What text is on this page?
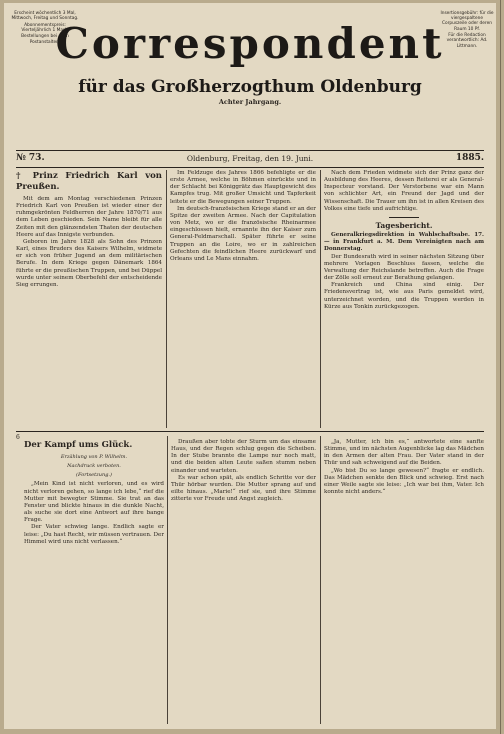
Erscheint wöchentlich 3 Mal, Mittwoch, Freitag und Sonntag.

Abonnementspreis: Vierteljährlich 1 Mark.

Bestellungen bei allen Postanstalten.

Insertionsgebühr: für die viergespaltene Corpuszeile oder deren Raum 10 Pf.

Für die Redaction verantwortlich: Ad. Littmann.

Correspondent
für das Großherzogthum Oldenburg
Achter Jahrgang.
№ 73.	Oldenburg, Freitag, den 19. Juni.	1885.
† Prinz Friedrich Karl von Preußen.

Mit dem am Montag verschiedenen Prinzen Friedrich Karl von Preußen ist wieder einer der ruhmgekrönten Feldherren der Jahre 1870/71 aus dem Leben geschieden. Sein Name bleibt für alle Zeiten mit den glänzendsten Thaten der deutschen Heere auf das Innigste verbunden.

Geboren im Jahre 1828 als Sohn des Prinzen Karl, eines Bruders des Kaisers Wilhelm, widmete er sich von früher Jugend an dem militärischen Berufe. In dem Kriege gegen Dänemark 1864 führte er die preußischen Truppen, und bei Düppel wurde unter seinem Oberbefehl der entscheidende Sieg errungen.

Im Feldzuge des Jahres 1866 befehligte er die erste Armee, welche in Böhmen einrückte und in der Schlacht bei Königgrätz das Hauptgewicht des Kampfes trug. Mit großer Umsicht und Tapferkeit leitete er die Bewegungen seiner Truppen.

Im deutsch-französischen Kriege stand er an der Spitze der zweiten Armee. Nach der Capitulation von Metz, wo er die französische Rheinarmee eingeschlossen hielt, ernannte ihn der Kaiser zum General-Feldmarschall. Später führte er seine Truppen an die Loire, wo er in zahlreichen Gefechten die feindlichen Heere zurückwarf und Orleans und Le Mans einnahm.

Nach dem Frieden widmete sich der Prinz ganz der Ausbildung des Heeres, dessen Reiterei er als General-Inspecteur vorstand. Der Verstorbene war ein Mann von schlichter Art, ein Freund der Jagd und der Wissenschaft. Die Trauer um ihn ist in allen Kreisen des Volkes eine tiefe und aufrichtige.

Tagesbericht.

Generalkriegsdirektion in Wahlschaftsabe. 17. — in Frankfurt a. M. Dem Vereinigten nach am Donnerstag.

Der Bundesrath wird in seiner nächsten Sitzung über mehrere Vorlagen Beschluss fassen, welche die Verwaltung der Reichslande betreffen. Auch die Frage der Zölle soll erneut zur Berathung gelangen.

Frankreich und China sind einig. Der Friedensvertrag ist, wie aus Paris gemeldet wird, unterzeichnet worden, und die Truppen werden in Kürze aus Tonkin zurückgezogen.

6
Der Kampf ums Glück.
Erzählung von P. Wilhelm.
Nachdruck verboten.
(Fortsetzung.)

„Mein Kind ist nicht verloren, und es wird nicht verloren gehen, so lange ich lebe,“ rief die Mutter mit bewegter Stimme. Sie trat an das Fenster und blickte hinaus in die dunkle Nacht, als suche sie dort eine Antwort auf ihre bange Frage.

Der Vater schwieg lange. Endlich sagte er leise: „Du hast Recht, wir müssen vertrauen. Der Himmel wird uns nicht verlassen.“

Draußen aber tobte der Sturm um das einsame Haus, und der Regen schlug gegen die Scheiben. In der Stube brannte die Lampe nur noch matt, und die beiden alten Leute saßen stumm neben einander und warteten.

Es war schon spät, als endlich Schritte vor der Thür hörbar wurden. Die Mutter sprang auf und eilte hinaus. „Marie!“ rief sie, und ihre Stimme zitterte vor Freude und Angst zugleich.

„Ja, Mutter, ich bin es,“ antwortete eine sanfte Stimme, und im nächsten Augenblicke lag das Mädchen in den Armen der alten Frau. Der Vater stand in der Thür und sah schweigend auf die Beiden.

„Wo bist Du so lange gewesen?“ fragte er endlich. Das Mädchen senkte den Blick und schwieg. Erst nach einer Weile sagte sie leise: „Ich war bei ihm, Vater. Ich konnte nicht anders.“
